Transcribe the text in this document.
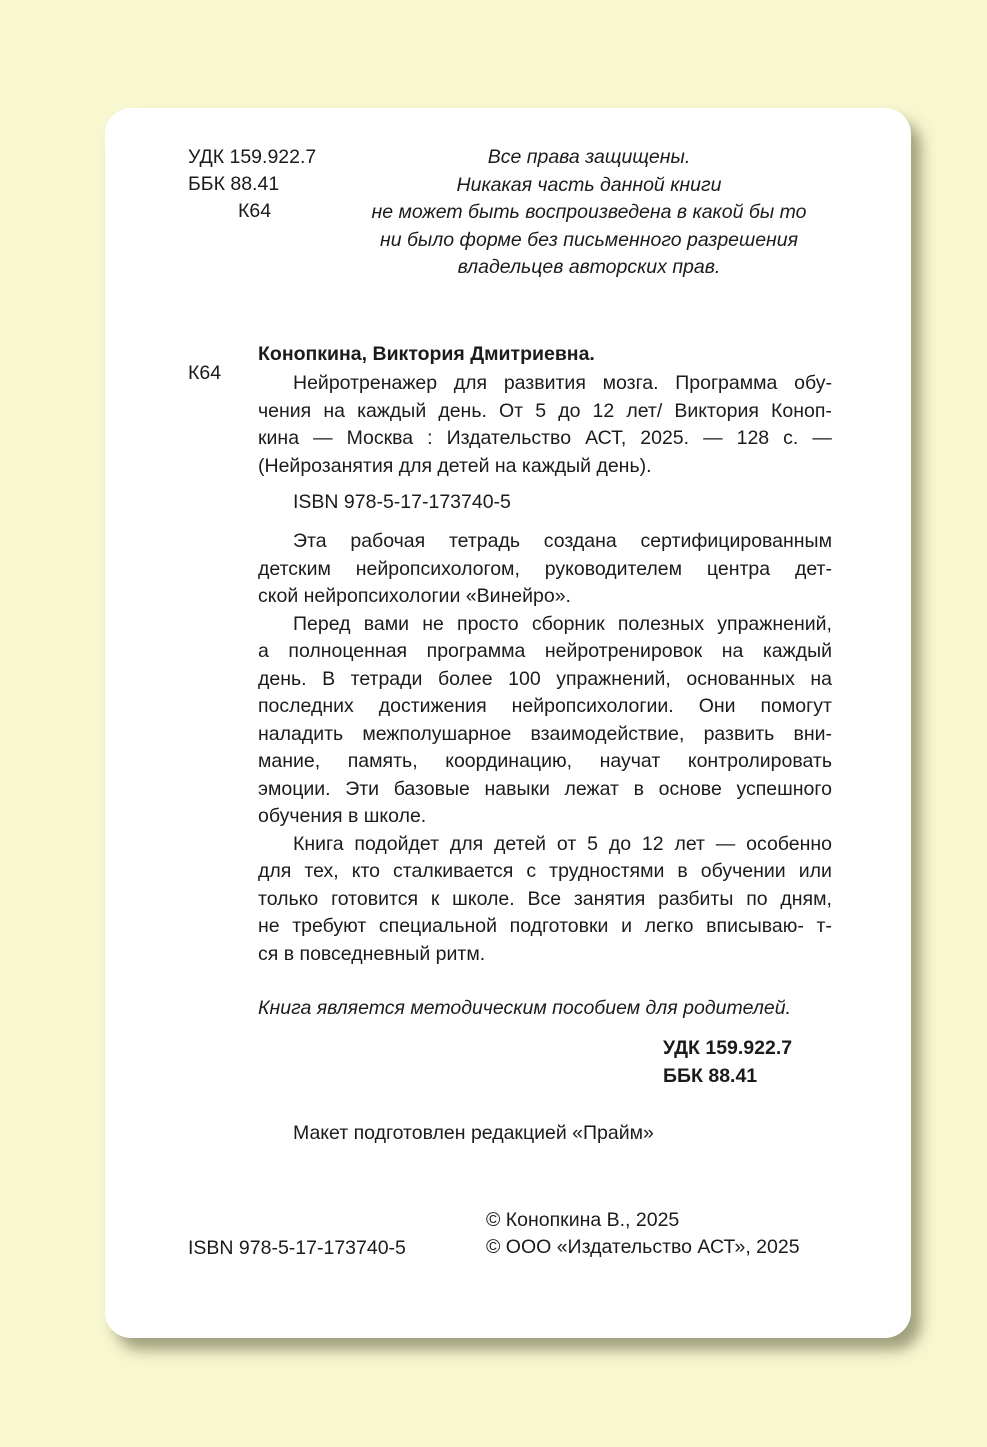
УДК 159.922.7
ББК 88.41
К64
Все права защищены.
Никакая часть данной книги
не может быть воспроизведена в какой бы то
ни было форме без письменного разрешения
владельцев авторских прав.
Конопкина, Виктория Дмитриевна.
К64	Нейротренажер для развития мозга. Программа обу-
чения на каждый день. От 5 до 12 лет/ Виктория Коноп-
кина — Москва : Издательство АСТ, 2025. — 128 с. —
(Нейрозанятия для детей на каждый день).
ISBN 978-5-17-173740-5
Эта рабочая тетрадь создана сертифицированным
детским нейропсихологом, руководителем центра дет-
ской нейропсихологии «Винейро».
Перед вами не просто сборник полезных упражнений,
а полноценная программа нейротренировок на каждый
день. В тетради более 100 упражнений, основанных на
последних достижения нейропсихологии. Они помогут
наладить межполушарное взаимодействие, развить вни-
мание, память, координацию, научат контролировать
эмоции. Эти базовые навыки лежат в основе успешного
обучения в школе.
Книга подойдет для детей от 5 до 12 лет — особенно
для тех, кто сталкивается с трудностями в обучении или
только готовится к школе. Все занятия разбиты по дням,
не требуют специальной подготовки и легко вписываю- т-
ся в повседневный ритм.
Книга является методическим пособием для родителей.
УДК 159.922.7
ББК 88.41
Макет подготовлен редакцией «Прайм»
© Конопкина В., 2025
© ООО «Издательство АСТ», 2025
ISBN 978-5-17-173740-5
